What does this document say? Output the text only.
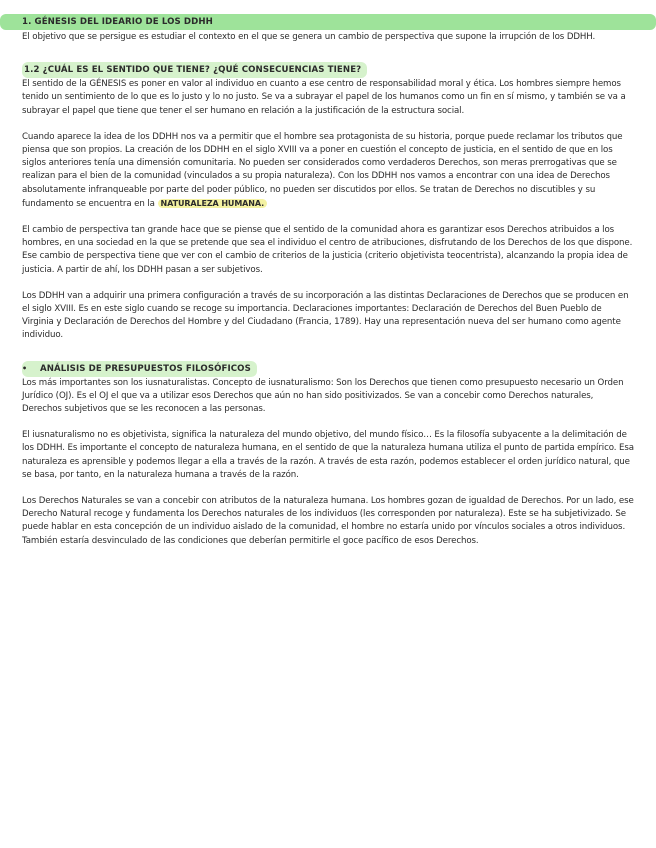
1. GÉNESIS DEL IDEARIO DE LOS DDHH

El objetivo que se persigue es estudiar el contexto en el que se genera un cambio de perspectiva que supone la irrupción de los DDHH.

1.2 ¿CUÁL ES EL SENTIDO QUE TIENE? ¿QUÉ CONSECUENCIAS TIENE?

El sentido de la GÉNESIS es poner en valor al individuo en cuanto a ese centro de responsabilidad moral y ética. Los hombres siempre hemos tenido un sentimiento de lo que es lo justo y lo no justo. Se va a subrayar el papel de los humanos como un fin en sí mismo, y también se va a subrayar el papel que tiene que tener el ser humano en relación a la justificación de la estructura social.

Cuando aparece la idea de los DDHH nos va a permitir que el hombre sea protagonista de su historia, porque puede reclamar los tributos que piensa que son propios. La creación de los DDHH en el siglo XVIII va a poner en cuestión el concepto de justicia, en el sentido de que en los siglos anteriores tenía una dimensión comunitaria. No pueden ser considerados como verdaderos Derechos, son meras prerrogativas que se realizan para el bien de la comunidad (vinculados a su propia naturaleza). Con los DDHH nos vamos a encontrar con una idea de Derechos absolutamente infranqueable por parte del poder público, no pueden ser discutidos por ellos. Se tratan de Derechos no discutibles y su fundamento se encuentra en la NATURALEZA HUMANA.

El cambio de perspectiva tan grande hace que se piense que el sentido de la comunidad ahora es garantizar esos Derechos atribuidos a los hombres, en una sociedad en la que se pretende que sea el individuo el centro de atribuciones, disfrutando de los Derechos de los que dispone. Ese cambio de perspectiva tiene que ver con el cambio de criterios de la justicia (criterio objetivista teocentrista), alcanzando la propia idea de justicia. A partir de ahí, los DDHH pasan a ser subjetivos.

Los DDHH van a adquirir una primera configuración a través de su incorporación a las distintas Declaraciones de Derechos que se producen en el siglo XVIII. Es en este siglo cuando se recoge su importancia. Declaraciones importantes: Declaración de Derechos del Buen Pueblo de Virginia y Declaración de Derechos del Hombre y del Ciudadano (Francia, 1789). Hay una representación nueva del ser humano como agente individuo.

• ANÁLISIS DE PRESUPUESTOS FILOSÓFICOS

Los más importantes son los iusnaturalistas. Concepto de iusnaturalismo: Son los Derechos que tienen como presupuesto necesario un Orden Jurídico (OJ). Es el OJ el que va a utilizar esos Derechos que aún no han sido positivizados. Se van a concebir como Derechos naturales, Derechos subjetivos que se les reconocen a las personas.

El iusnaturalismo no es objetivista, significa la naturaleza del mundo objetivo, del mundo físico… Es la filosofía subyacente a la delimitación de los DDHH. Es importante el concepto de naturaleza humana, en el sentido de que la naturaleza humana utiliza el punto de partida empírico. Esa naturaleza es aprensible y podemos llegar a ella a través de la razón. A través de esta razón, podemos establecer el orden jurídico natural, que se basa, por tanto, en la naturaleza humana a través de la razón.

Los Derechos Naturales se van a concebir con atributos de la naturaleza humana. Los hombres gozan de igualdad de Derechos. Por un lado, ese Derecho Natural recoge y fundamenta los Derechos naturales de los individuos (les corresponden por naturaleza). Este se ha subjetivizado. Se puede hablar en esta concepción de un individuo aislado de la comunidad, el hombre no estaría unido por vínculos sociales a otros individuos. También estaría desvinculado de las condiciones que deberían permitirle el goce pacífico de esos Derechos.
